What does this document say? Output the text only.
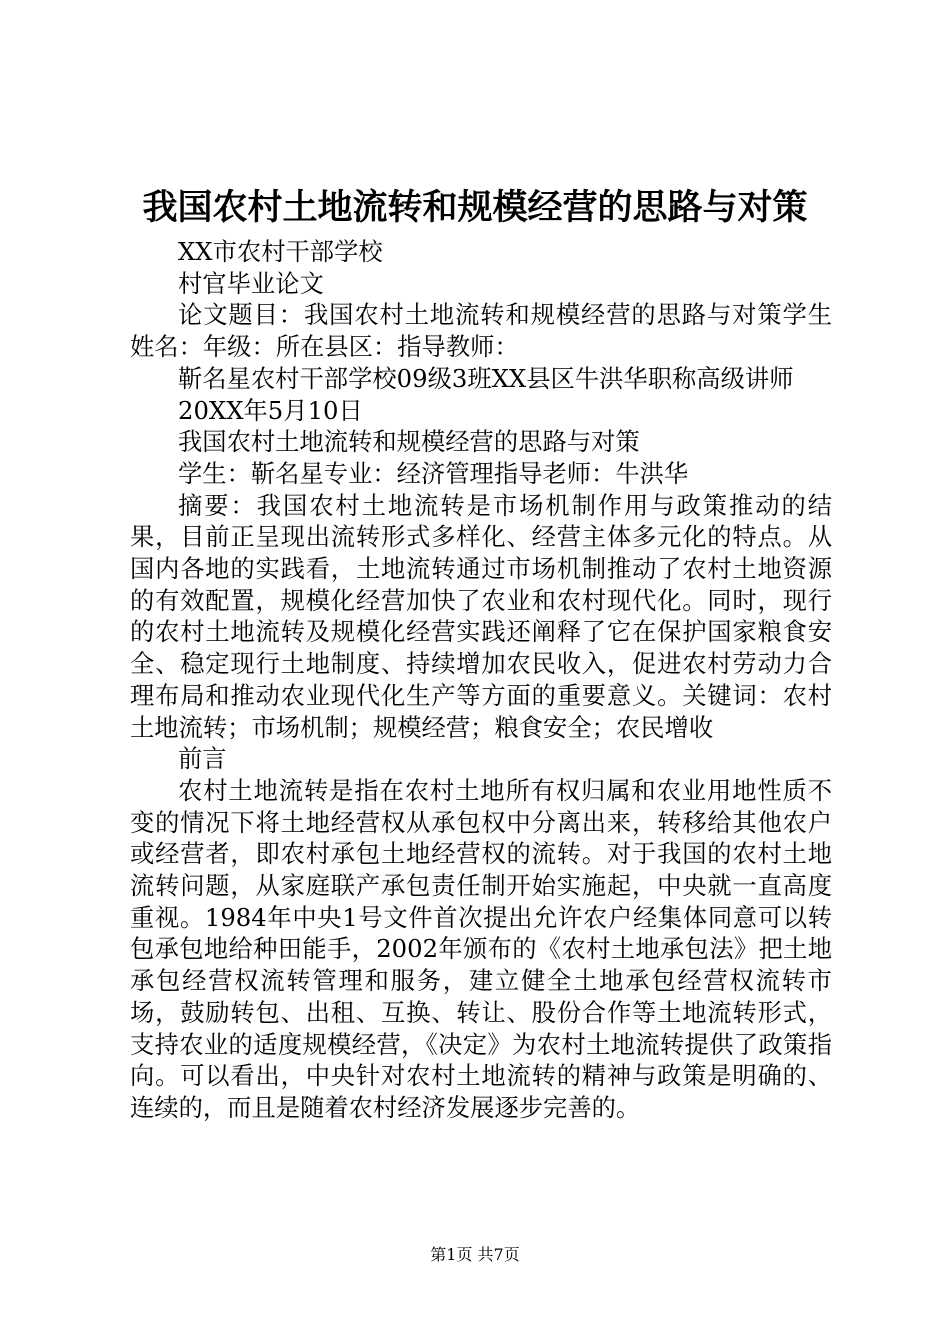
我国农村土地流转和规模经营的思路与对策

XX市农村干部学校

村官毕业论文

论文题目：我国农村土地流转和规模经营的思路与对策学生姓名：年级：所在县区：指导教师：

靳名星农村干部学校09级3班XX县区牛洪华职称高级讲师

20XX年5月10日

我国农村土地流转和规模经营的思路与对策

学生：靳名星专业：经济管理指导老师：牛洪华

摘要：我国农村土地流转是市场机制作用与政策推动的结果，目前正呈现出流转形式多样化、经营主体多元化的特点。从国内各地的实践看，土地流转通过市场机制推动了农村土地资源的有效配置，规模化经营加快了农业和农村现代化。同时，现行的农村土地流转及规模化经营实践还阐释了它在保护国家粮食安全、稳定现行土地制度、持续增加农民收入，促进农村劳动力合理布局和推动农业现代化生产等方面的重要意义。关键词：农村土地流转；市场机制；规模经营；粮食安全；农民增收

前言

农村土地流转是指在农村土地所有权归属和农业用地性质不变的情况下将土地经营权从承包权中分离出来，转移给其他农户或经营者，即农村承包土地经营权的流转。对于我国的农村土地流转问题，从家庭联产承包责任制开始实施起，中央就一直高度重视。1984年中央1号文件首次提出允许农户经集体同意可以转包承包地给种田能手，2002年颁布的《农村土地承包法》把土地承包经营权流转管理和服务，建立健全土地承包经营权流转市场，鼓励转包、出租、互换、转让、股份合作等土地流转形式，支持农业的适度规模经营，《决定》为农村土地流转提供了政策指向。可以看出，中央针对农村土地流转的精神与政策是明确的、连续的，而且是随着农村经济发展逐步完善的。

第1页 共7页
